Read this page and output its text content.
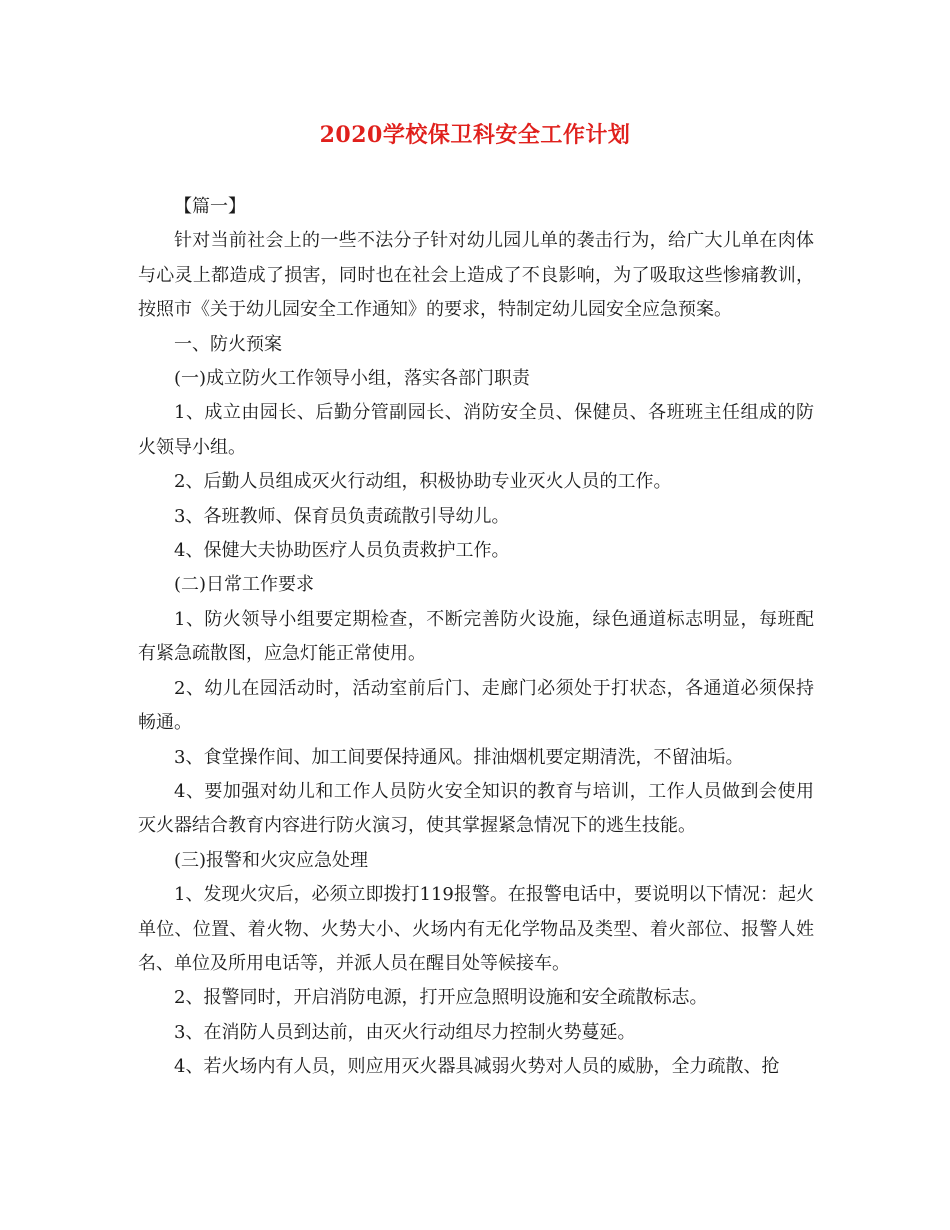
2020学校保卫科安全工作计划

【篇一】

针对当前社会上的一些不法分子针对幼儿园儿单的袭击行为，给广大儿单在肉体与心灵上都造成了损害，同时也在社会上造成了不良影响，为了吸取这些惨痛教训，按照市《关于幼儿园安全工作通知》的要求，特制定幼儿园安全应急预案。

一、防火预案

(一)成立防火工作领导小组，落实各部门职责

1、成立由园长、后勤分管副园长、消防安全员、保健员、各班班主任组成的防火领导小组。

2、后勤人员组成灭火行动组，积极协助专业灭火人员的工作。

3、各班教师、保育员负责疏散引导幼儿。

4、保健大夫协助医疗人员负责救护工作。

(二)日常工作要求

1、防火领导小组要定期检查，不断完善防火设施，绿色通道标志明显，每班配有紧急疏散图，应急灯能正常使用。

2、幼儿在园活动时，活动室前后门、走廊门必须处于打状态，各通道必须保持畅通。

3、食堂操作间、加工间要保持通风。排油烟机要定期清洗，不留油垢。

4、要加强对幼儿和工作人员防火安全知识的教育与培训，工作人员做到会使用灭火器结合教育内容进行防火演习，使其掌握紧急情况下的逃生技能。

(三)报警和火灾应急处理

1、发现火灾后，必须立即拨打119报警。在报警电话中，要说明以下情况：起火单位、位置、着火物、火势大小、火场内有无化学物品及类型、着火部位、报警人姓名、单位及所用电话等，并派人员在醒目处等候接车。

2、报警同时，开启消防电源，打开应急照明设施和安全疏散标志。

3、在消防人员到达前，由灭火行动组尽力控制火势蔓延。

4、若火场内有人员，则应用灭火器具减弱火势对人员的威胁，全力疏散、抢
